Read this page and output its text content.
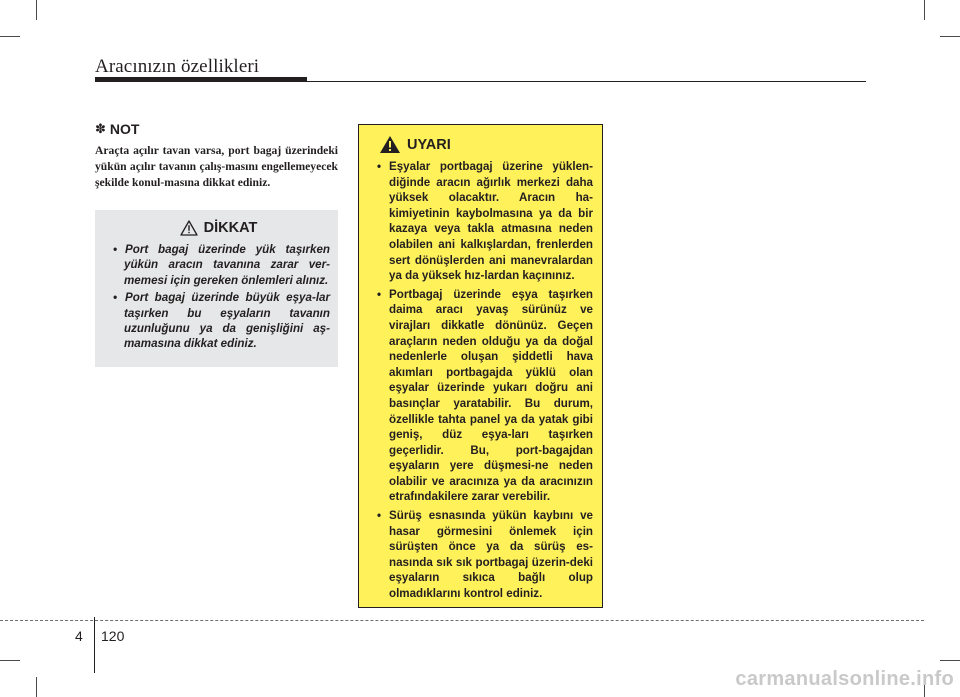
Aracınızın özellikleri
✽ NOT

Araçta açılır tavan varsa, port bagaj üzerindeki yükün açılır tavanın çalış-masını engellemeyecek şekilde konul-masına dikkat ediniz.

DİKKAT
• Port bagaj üzerinde yük taşırken yükün aracın tavanına zarar ver-memesi için gereken önlemleri alınız.
• Port bagaj üzerinde büyük eşya-lar taşırken bu eşyaların tavanın uzunluğunu ya da genişliğini aş-mamasına dikkat ediniz.
UYARI
• Eşyalar portbagaj üzerine yüklen-diğinde aracın ağırlık merkezi daha yüksek olacaktır. Aracın ha-kimiyetinin kaybolmasına ya da bir kazaya veya takla atmasına neden olabilen ani kalkışlardan, frenlerden sert dönüşlerden ani manevralardan ya da yüksek hız-lardan kaçınınız.
• Portbagaj üzerinde eşya taşırken daima aracı yavaş sürünüz ve virajları dikkatle dönünüz. Geçen araçların neden olduğu ya da doğal nedenlerle oluşan şiddetli hava akımları portbagajda yüklü olan eşyalar üzerinde yukarı doğru ani basınçlar yaratabilir. Bu durum, özellikle tahta panel ya da yatak gibi geniş, düz eşya-ları taşırken geçerlidir. Bu, port-bagajdan eşyaların yere düşmesi-ne neden olabilir ve aracınıza ya da aracınızın etrafındakilere zarar verebilir.
• Sürüş esnasında yükün kaybını ve hasar görmesini önlemek için sürüşten önce ya da sürüş es-nasında sık sık portbagaj üzerin-deki eşyaların sıkıca bağlı olup olmadıklarını kontrol ediniz.
4 120
carmanualsonline.info
